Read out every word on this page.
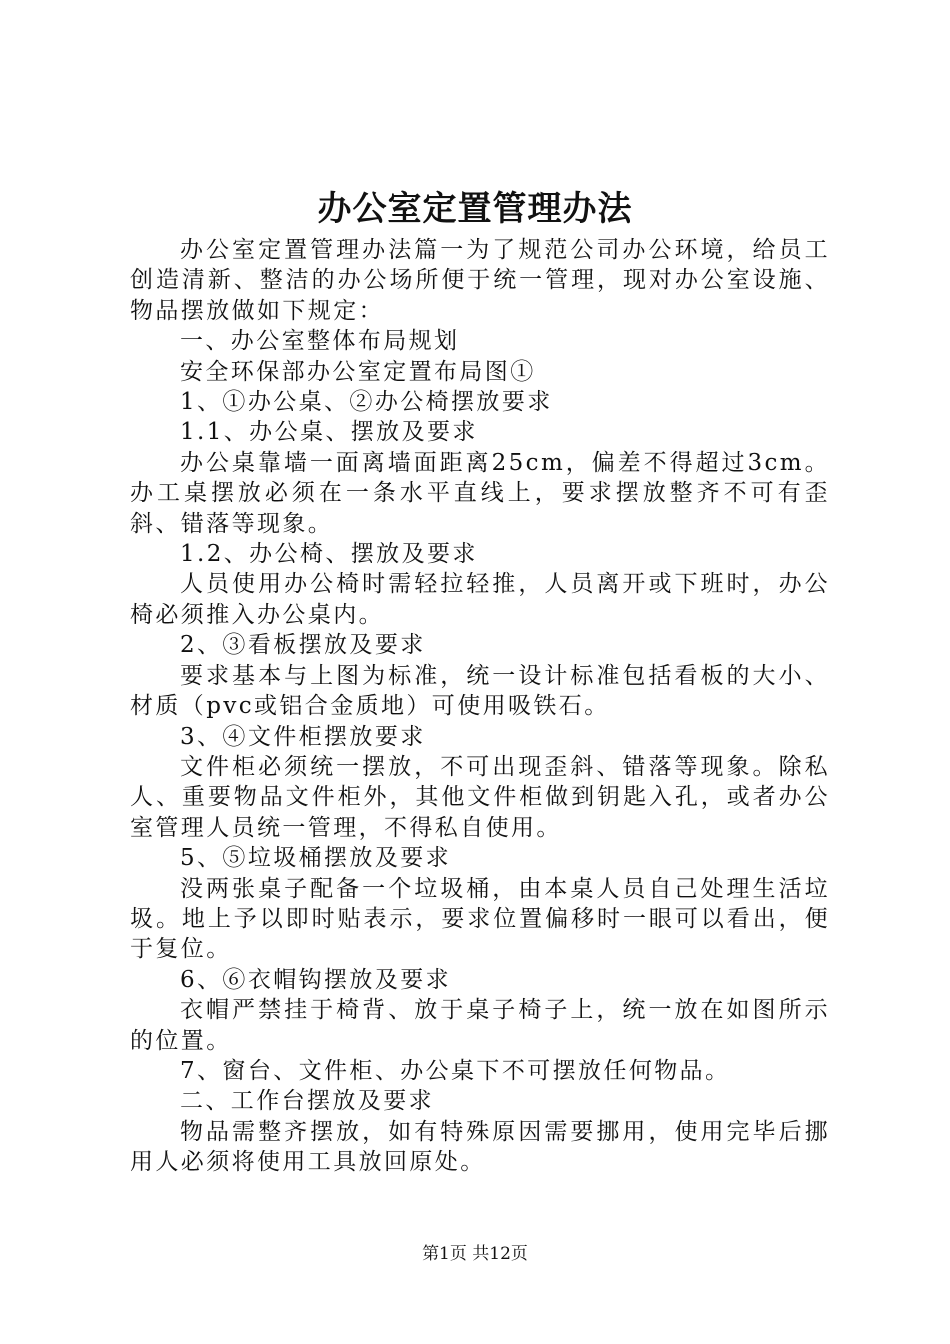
办公室定置管理办法

办公室定置管理办法篇一为了规范公司办公环境，给员工创造清新、整洁的办公场所便于统一管理，现对办公室设施、物品摆放做如下规定：

一、办公室整体布局规划

安全环保部办公室定置布局图①

1、①办公桌、②办公椅摆放要求

1.1、办公桌、摆放及要求

办公桌靠墙一面离墙面距离25cm，偏差不得超过3cm。办工桌摆放必须在一条水平直线上，要求摆放整齐不可有歪斜、错落等现象。

1.2、办公椅、摆放及要求

人员使用办公椅时需轻拉轻推，人员离开或下班时，办公椅必须推入办公桌内。

2、③看板摆放及要求

要求基本与上图为标准，统一设计标准包括看板的大小、材质（pvc或铝合金质地）可使用吸铁石。

3、④文件柜摆放要求

文件柜必须统一摆放，不可出现歪斜、错落等现象。除私人、重要物品文件柜外，其他文件柜做到钥匙入孔，或者办公室管理人员统一管理，不得私自使用。

5、⑤垃圾桶摆放及要求

没两张桌子配备一个垃圾桶，由本桌人员自己处理生活垃圾。地上予以即时贴表示，要求位置偏移时一眼可以看出，便于复位。

6、⑥衣帽钩摆放及要求

衣帽严禁挂于椅背、放于桌子椅子上，统一放在如图所示的位置。

7、窗台、文件柜、办公桌下不可摆放任何物品。

二、工作台摆放及要求

物品需整齐摆放，如有特殊原因需要挪用，使用完毕后挪用人必须将使用工具放回原处。

第1页 共12页
